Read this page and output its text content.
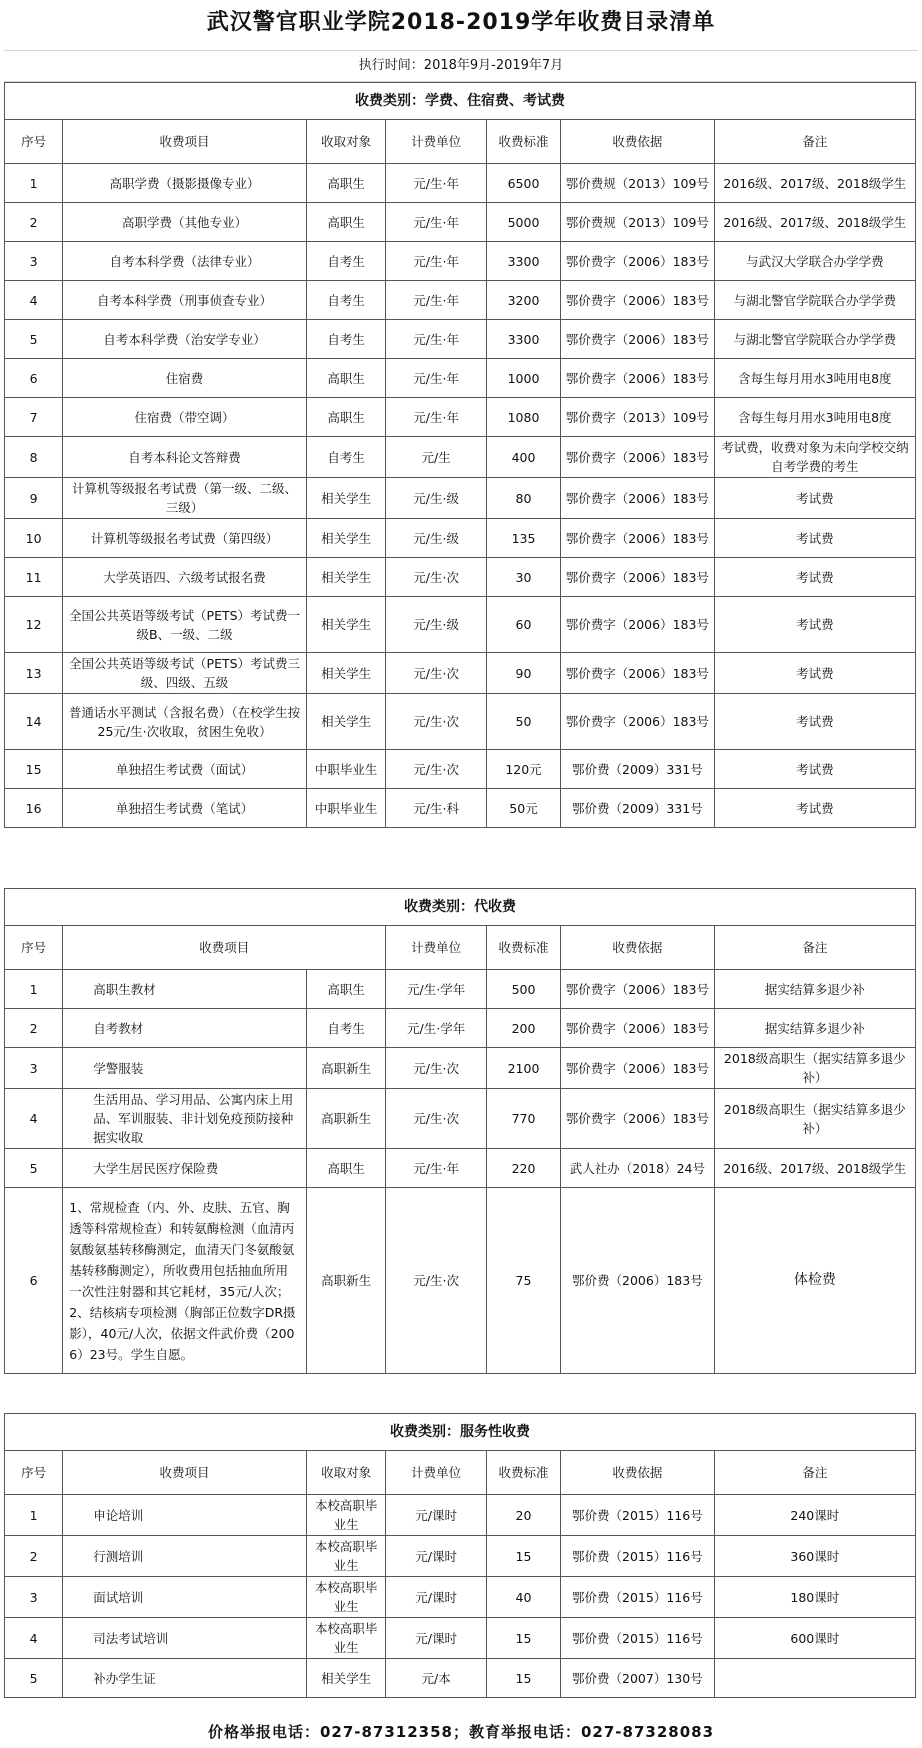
武汉警官职业学院2018-2019学年收费目录清单
执行时间：2018年9月-2019年7月
收费类别：学费、住宿费、考试费						
序号	收费项目	收取对象	计费单位	收费标准	收费依据	备注
1	高职学费（摄影摄像专业）	高职生	元/生·年	6500	鄂价费规（2013）109号	2016级、2017级、2018级学生
2	高职学费（其他专业）	高职生	元/生·年	5000	鄂价费规（2013）109号	2016级、2017级、2018级学生
3	自考本科学费（法律专业）	自考生	元/生·年	3300	鄂价费字（2006）183号	与武汉大学联合办学学费
4	自考本科学费（刑事侦查专业）	自考生	元/生·年	3200	鄂价费字（2006）183号	与湖北警官学院联合办学学费
5	自考本科学费（治安学专业）	自考生	元/生·年	3300	鄂价费字（2006）183号	与湖北警官学院联合办学学费
6	住宿费	高职生	元/生·年	1000	鄂价费字（2006）183号	含每生每月用水3吨用电8度
7	住宿费（带空调）	高职生	元/生·年	1080	鄂价费字（2013）109号	含每生每月用水3吨用电8度
8	自考本科论文答辩费	自考生	元/生	400	鄂价费字（2006）183号	考试费，收费对象为未向学校交纳自考学费的考生
9	计算机等级报名考试费（第一级、二级、三级）	相关学生	元/生·级	80	鄂价费字（2006）183号	考试费
10	计算机等级报名考试费（第四级）	相关学生	元/生·级	135	鄂价费字（2006）183号	考试费
11	大学英语四、六级考试报名费	相关学生	元/生·次	30	鄂价费字（2006）183号	考试费
12	全国公共英语等级考试（PETS）考试费一级B、一级、二级	相关学生	元/生·级	60	鄂价费字（2006）183号	考试费
13	全国公共英语等级考试（PETS）考试费三级、四级、五级	相关学生	元/生·次	90	鄂价费字（2006）183号	考试费
14	普通话水平测试（含报名费）（在校学生按25元/生·次收取，贫困生免收）	相关学生	元/生·次	50	鄂价费字（2006）183号	考试费
15	单独招生考试费（面试）	中职毕业生	元/生·次	120元	鄂价费（2009）331号	考试费
16	单独招生考试费（笔试）	中职毕业生	元/生·科	50元	鄂价费（2009）331号	考试费
收费类别：代收费						
序号	收费项目		计费单位	收费标准	收费依据	备注
1	高职生教材	高职生	元/生·学年	500	鄂价费字（2006）183号	据实结算多退少补
2	自考教材	自考生	元/生·学年	200	鄂价费字（2006）183号	据实结算多退少补
3	学警服装	高职新生	元/生·次	2100	鄂价费字（2006）183号	2018级高职生（据实结算多退少补）
4	生活用品、学习用品、公寓内床上用品、军训服装、非计划免疫预防接种据实收取	高职新生	元/生·次	770	鄂价费字（2006）183号	2018级高职生（据实结算多退少补）
5	大学生居民医疗保险费	高职生	元/生·年	220	武人社办（2018）24号	2016级、2017级、2018级学生
6	1、常规检查（内、外、皮肤、五官、胸透等科常规检查）和转氨酶检测（血清丙氨酸氨基转移酶测定，血清天门冬氨酸氨基转移酶测定），所收费用包括抽血所用一次性注射器和其它耗材，35元/人次；
2、结核病专项检测（胸部正位数字DR摄影），40元/人次，依据文件武价费（2006）23号。学生自愿。	高职新生	元/生·次	75	鄂价费（2006）183号	体检费
收费类别：服务性收费						
序号	收费项目	收取对象	计费单位	收费标准	收费依据	备注
1	申论培训	本校高职毕业生	元/课时	20	鄂价费（2015）116号	240课时
2	行测培训	本校高职毕业生	元/课时	15	鄂价费（2015）116号	360课时
3	面试培训	本校高职毕业生	元/课时	40	鄂价费（2015）116号	180课时
4	司法考试培训	本校高职毕业生	元/课时	15	鄂价费（2015）116号	600课时
5	补办学生证	相关学生	元/本	15	鄂价费（2007）130号	
价格举报电话：027-87312358；教育举报电话：027-87328083
